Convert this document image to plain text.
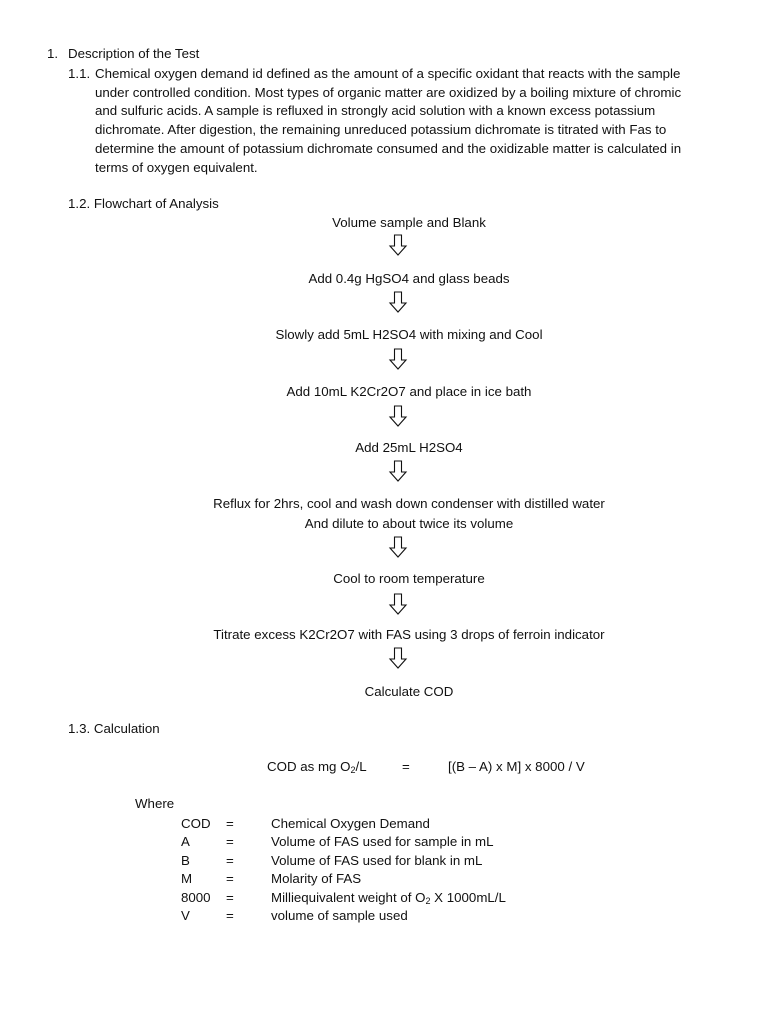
1. Description of the Test
1.1. Chemical oxygen demand id defined as the amount of a specific oxidant that reacts with the sample
under controlled condition. Most types of organic matter are oxidized by a boiling mixture of chromic
and sulfuric acids. A sample is refluxed in strongly acid solution with a known excess potassium
dichromate. After digestion, the remaining unreduced potassium dichromate is titrated with Fas to
determine the amount of potassium dichromate consumed and the oxidizable matter is calculated in
terms of oxygen equivalent.
1.2. Flowchart of Analysis
Volume sample and Blank
Add 0.4g HgSO4 and glass beads
Slowly add 5mL H2SO4 with mixing and Cool
Add 10mL K2Cr2O7 and place in ice bath
Add 25mL H2SO4
Reflux for 2hrs, cool and wash down condenser with distilled water
And dilute to about twice its volume
Cool to room temperature
Titrate excess K2Cr2O7 with FAS using 3 drops of ferroin indicator
Calculate COD
1.3. Calculation
COD as mg $O_2/L$	=	[(B – A) x M] x 8000 / V
Where
COD =	Chemical Oxygen Demand
A	=	Volume of FAS used for sample in mL
B	=	Volume of FAS used for blank in mL
M	=	Molarity of FAS
8000 =	Milliequivalent weight of $O_2$ X 1000mL/L
V	=	volume of sample used
